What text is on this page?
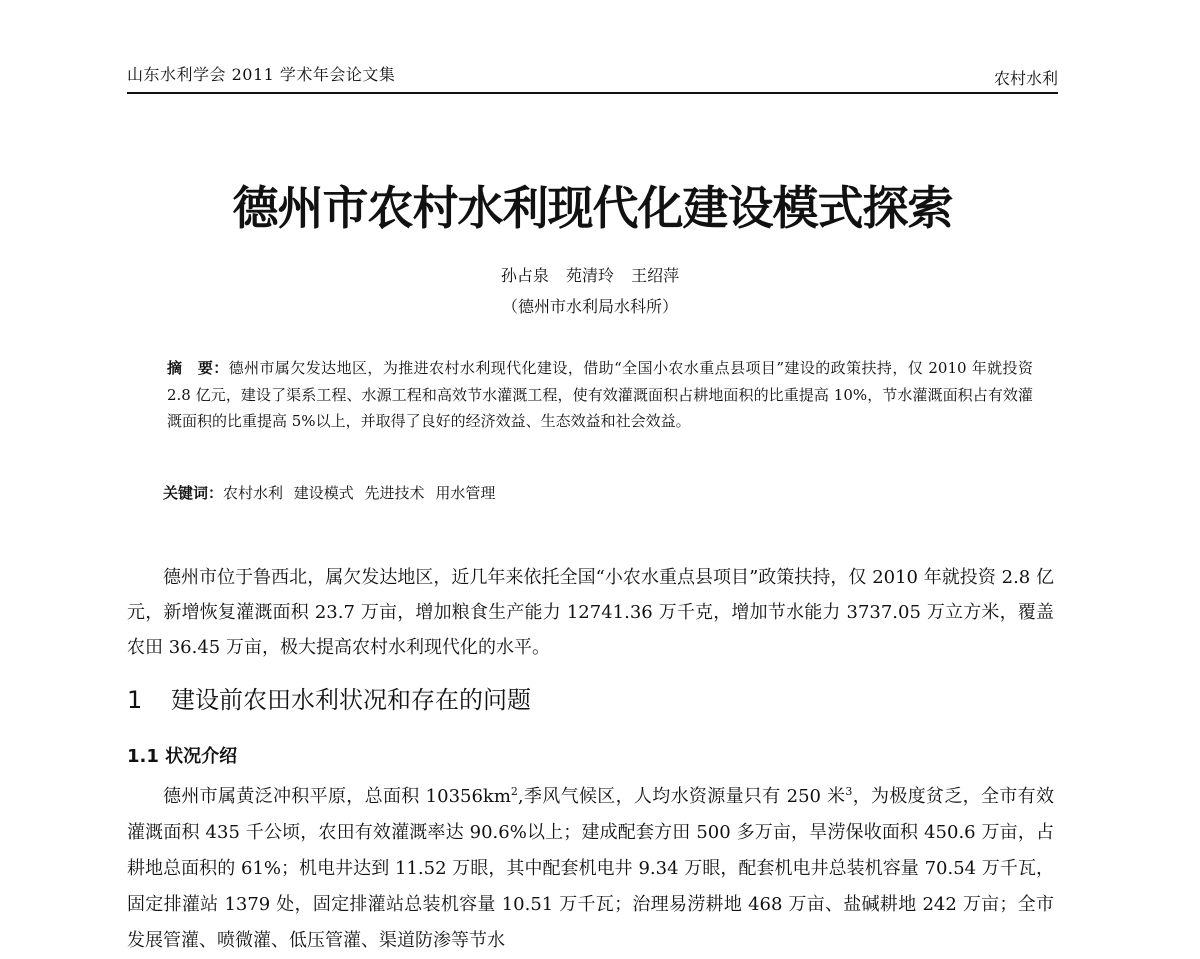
山东水利学会 2011 学术年会论文集	农村水利
德州市农村水利现代化建设模式探索
孙占泉 苑清玲 王绍萍
（德州市水利局水科所）
摘　要：德州市属欠发达地区，为推进农村水利现代化建设，借助“全国小农水重点县项目”建设的政策扶持，仅 2010 年就投资 2.8 亿元，建设了渠系工程、水源工程和高效节水灌溉工程，使有效灌溉面积占耕地面积的比重提高 10%，节水灌溉面积占有效灌溉面积的比重提高 5%以上，并取得了良好的经济效益、生态效益和社会效益。
关键词：农村水利 建设模式 先进技术 用水管理
德州市位于鲁西北，属欠发达地区，近几年来依托全国“小农水重点县项目”政策扶持，仅 2010 年就投资 2.8 亿元，新增恢复灌溉面积 23.7 万亩，增加粮食生产能力 12741.36 万千克，增加节水能力 3737.05 万立方米，覆盖农田 36.45 万亩，极大提高农村水利现代化的水平。
1 建设前农田水利状况和存在的问题
1.1 状况介绍
德州市属黄泛冲积平原，总面积 $10356km^2$,季风气候区，人均水资源量只有 250 米$^3$，为极度贫乏，全市有效灌溉面积 435 千公顷，农田有效灌溉率达 90.6%以上；建成配套方田 500 多万亩，旱涝保收面积 450.6 万亩，占耕地总面积的 61%；机电井达到 11.52 万眼，其中配套机电井 9.34 万眼，配套机电井总装机容量 70.54 万千瓦，固定排灌站 1379 处，固定排灌站总装机容量 10.51 万千瓦；治理易涝耕地 468 万亩、盐碱耕地 242 万亩；全市发展管灌、喷微灌、低压管灌、渠道防渗等节水
